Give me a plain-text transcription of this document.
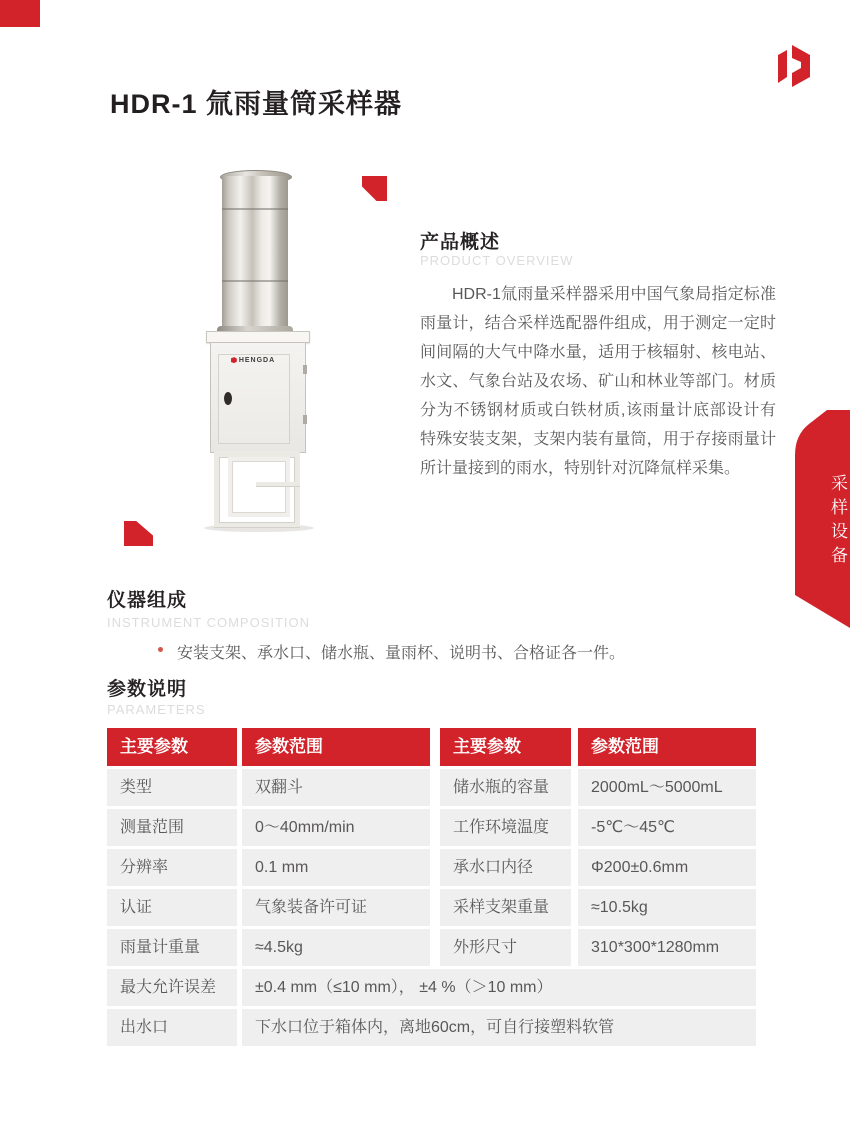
HDR-1 氚雨量筒采样器
HENGDA
产品概述
PRODUCT OVERVIEW
HDR-1氚雨量采样器采用中国气象局指定标准雨量计，结合采样选配器件组成，用于测定一定时间间隔的大气中降水量，适用于核辐射、核电站、水文、气象台站及农场、矿山和林业等部门。材质分为不锈钢材质或白铁材质,该雨量计底部设计有特殊安装支架，支架内装有量筒，用于存接雨量计所计量接到的雨水，特别针对沉降氚样采集。
采样设备
仪器组成
INSTRUMENT COMPOSITION
安装支架、承水口、储水瓶、量雨杯、说明书、合格证各一件。
参数说明
PARAMETERS
主要参数	参数范围	主要参数	参数范围
类型	双翻斗	储水瓶的容量	2000mL～5000mL
测量范围	0～40mm/min	工作环境温度	-5℃～45℃
分辨率	0.1 mm	承水口内径	Φ200±0.6mm
认证	气象装备许可证	采样支架重量	≈10.5kg
雨量计重量	≈4.5kg	外形尺寸	310*300*1280mm
最大允许误差	±0.4 mm（≤10 mm）， ±4 %（＞10 mm）
出水口	下水口位于箱体内，离地60cm，可自行接塑料软管
